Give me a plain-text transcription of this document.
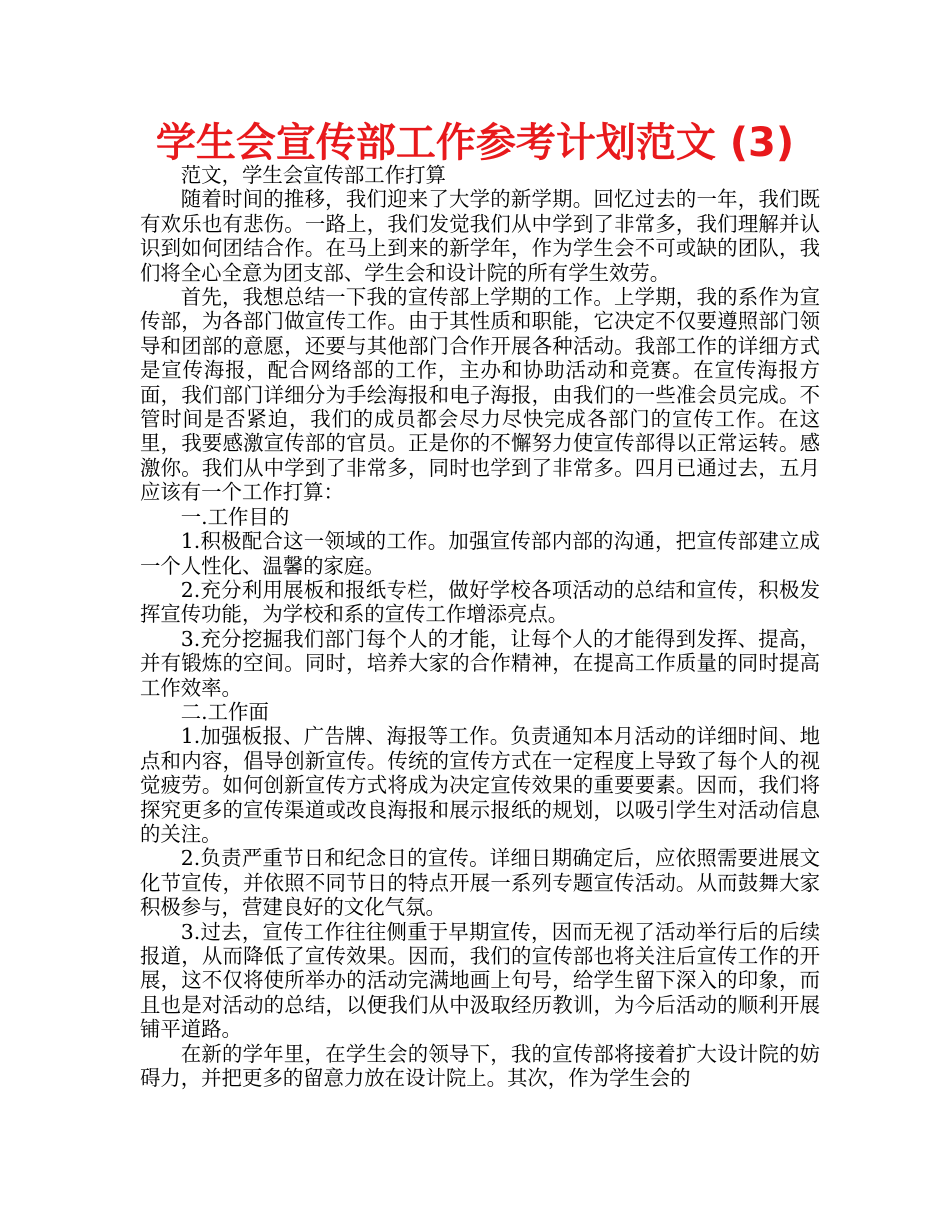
学生会宣传部工作参考计划范文 (3)

范文，学生会宣传部工作打算

随着时间的推移，我们迎来了大学的新学期。回忆过去的一年，我们既有欢乐也有悲伤。一路上，我们发觉我们从中学到了非常多，我们理解并认识到如何团结合作。在马上到来的新学年，作为学生会不可或缺的团队，我们将全心全意为团支部、学生会和设计院的所有学生效劳。

首先，我想总结一下我的宣传部上学期的工作。上学期，我的系作为宣传部，为各部门做宣传工作。由于其性质和职能，它决定不仅要遵照部门领导和团部的意愿，还要与其他部门合作开展各种活动。我部工作的详细方式是宣传海报，配合网络部的工作，主办和协助活动和竞赛。在宣传海报方面，我们部门详细分为手绘海报和电子海报，由我们的一些准会员完成。不管时间是否紧迫，我们的成员都会尽力尽快完成各部门的宣传工作。在这里，我要感激宣传部的官员。正是你的不懈努力使宣传部得以正常运转。感激你。我们从中学到了非常多，同时也学到了非常多。四月已通过去，五月应该有一个工作打算：

一.工作目的

1.积极配合这一领域的工作。加强宣传部内部的沟通，把宣传部建立成一个人性化、温馨的家庭。

2.充分利用展板和报纸专栏，做好学校各项活动的总结和宣传，积极发挥宣传功能，为学校和系的宣传工作增添亮点。

3.充分挖掘我们部门每个人的才能，让每个人的才能得到发挥、提高，并有锻炼的空间。同时，培养大家的合作精神，在提高工作质量的同时提高工作效率。

二.工作面

1.加强板报、广告牌、海报等工作。负责通知本月活动的详细时间、地点和内容，倡导创新宣传。传统的宣传方式在一定程度上导致了每个人的视觉疲劳。如何创新宣传方式将成为决定宣传效果的重要要素。因而，我们将探究更多的宣传渠道或改良海报和展示报纸的规划，以吸引学生对活动信息的关注。

2.负责严重节日和纪念日的宣传。详细日期确定后，应依照需要进展文化节宣传，并依照不同节日的特点开展一系列专题宣传活动。从而鼓舞大家积极参与，营建良好的文化气氛。

3.过去，宣传工作往往侧重于早期宣传，因而无视了活动举行后的后续报道，从而降低了宣传效果。因而，我们的宣传部也将关注后宣传工作的开展，这不仅将使所举办的活动完满地画上句号，给学生留下深入的印象，而且也是对活动的总结，以便我们从中汲取经历教训，为今后活动的顺利开展铺平道路。

在新的学年里，在学生会的领导下，我的宣传部将接着扩大设计院的妨碍力，并把更多的留意力放在设计院上。其次，作为学生会的
